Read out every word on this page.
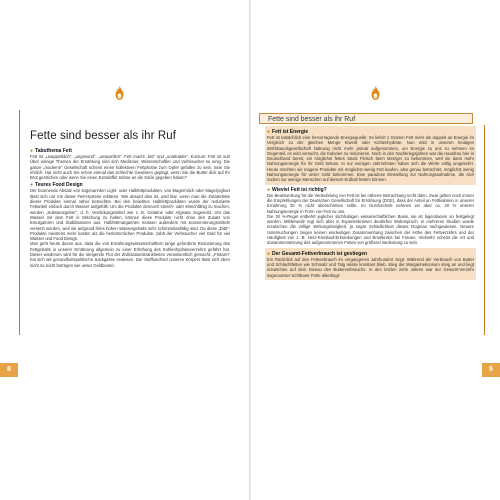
Fette sind besser als ihr Ruf
● Tabuthema Fett

Fett ist „unappetitlich“, „ungesund“, „unsportlich“. Fett macht „fett“ und „unattraktiv“. Kurzum: Fett ist out! Über wenige Themen der Ernährung sind sich Mediziner, Wissenschaftler und Verbraucher so einig. Die ganze „moderne“ Gesellschaft scheint einen kollektiven Fettphobie zum Opfer gefallen zu sein. Sein Sie ehrlich: Hat nicht auch Sie schon einmal das schlechte Gewissen geplagt, wenn Sie die Butter dick auf Ihr Brot gestrichen oder wenn Sie einen Extralöffel Sahne an die Soße gegeben haben?

● Teures Food Design

Der boomende Absatz von sogenannten Light- oder Halbfettprodukten, von Magermilch oder Magerjoghurt lässt sich nur mit dieser Fett-Hysterie erklären. Wie absurd dies ist, wird klar, wenn man die Zutatenliste dieser Produkte einmal näher betrachtet. Bei den beliebten Halbfettprodukten wurde der reduzierte Fettanteil einfach durch Wasser aufgefüllt. Um die Produkte dennoch streich- oder streichfähig zu machen, werden „Substanzgeber“, d. h. Verdickungsmittel wie z. B. Gelatine oder Alginate zugesetzt. Um das Wasser mit dem Fett in Mischung zu halten, können diese Produkte nicht ohne den Zusatz von Emulgatoren und Stabilisatoren aus. Halbfettmargarinen müssen außerdem mit Konservierungsmitteln versetzt werden, weil sie aufgrund ihres hohen Wassergehalts sehr schimmelanfällig sind. Da diese „Diät“-Produkte meistens mehr kosten als die herkömmlichen Produkte, zahlt der Verbraucher viel Geld für viel Wasser und Food Design.

Man geht heute davon aus, dass die von Ernährungswissenschaftlern lange geforderte Reduzierung des Fettgehalts in unserer Ernährung allgemein zu einer Erhöhung des Kohlenhydrateverzehrs geführt hat. Dieser wiederum wird für die steigende Flut der Zivilisationskrankheiten verantwortlich gemacht. „Fettarm“ hat sich als gesundheitspolitische Sackgasse erwiesen. Der Stoffwechsel unseres Körpers lässt sich eben nicht so leicht betrügen wie unser Geldbeutel.

8
Fette sind besser als ihr Ruf
● Fett ist Energie

Fett ist tatsächlich eine hervorragende Energiequelle: So liefert 1 Gramm Fett mehr als doppelt an Energie im Vergleich zu der gleichen Menge Eiweiß oder Kohlenhydrate. Nun wird in unseren heutigen Wohlstandsgesellschaft Nahrung nicht mehr primär aufgenommen, um Energie zu uns zu nehmen im Gegenteil, es wird versucht, die Kalorien zu reduzieren. Noch in den Nachkriegsjahren war die Hausfrau hier in Deutschland bereit, ein möglichst fettes Stück Fleisch beim Metzger zu bekommen, weil sie dann mehr Nahrungsenergie für ihr Geld bekam. In nur wenigen Jahrzehnten haben sich die Werte völlig umgekehrt. Heute möchten wir magere Produkte mit möglichst wenig Fett kaufen, also genau betrachtet, möglichst wenig Nahrungsenergie für unser Geld bekommen. Eine paradoxe Einstellung zur Nahrungsaufnahme, die sich zudem nur wenige Menschen auf diesem Erdball leisten können.

● Wieviel Fett ist richtig?

Die Beantwortung für die Verteufelung von Fett ist bei näherer Betrachtung recht dünn. Zwar gelten noch immer die Empfehlungen der Deutschen Gesellschaft für Ernährung (DGE), dass der Anteil an Fettkalorien in unserer Ernährung 30 % nicht überschreiten sollte. Im Durchschnitt nehmen wir aber ca. 40 % unserer Nahrungsenergie in Form von Fett zu uns.

Die 30 %-Regel entbehrt jeglicher stichhaltigen wissenschaftlichen Basis, sie ist lagendwann so festgelegt worden. Mittlerweile regt sich aber in Expertenkreisen deutlicher Widerspruch. In mehreren Studien wurde inzwischen die völlige Wirkungslosigkeit, ja sogar Schädlichkeit dieses Dogmas nachgewiesen. Neuere Untersuchungen zeigen keinen eindeutigen Zusammenhang zwischen der Höhe des Fettverzehrs und der Häufigkeit von z. B. Herz-Kreislauf-Erkrankungen und Brustkrebs bei Frauen. Vielmehr scheint die Art und Zusammensetzung des aufgenommenen Fettes von größerer Bedeutung zu sein.

● Der Gesamt-Fettverbrauch ist gestiegen

Ein Rückblick auf den Fettverbrauch im vergangenen Jahrhundert zeigt: Während der Verbrauch von Butter und Schlachtfetten wie Schmalz und Talg relativ konstant blieb, stieg der Margarinekonsum steig an und liegt inzwischen auf dem Niveau des Butterverbrauchs. In den letzten zehn Jahren war der Gesamt-Verzehr sogenannter sichtbarer Fette allerdings

9
